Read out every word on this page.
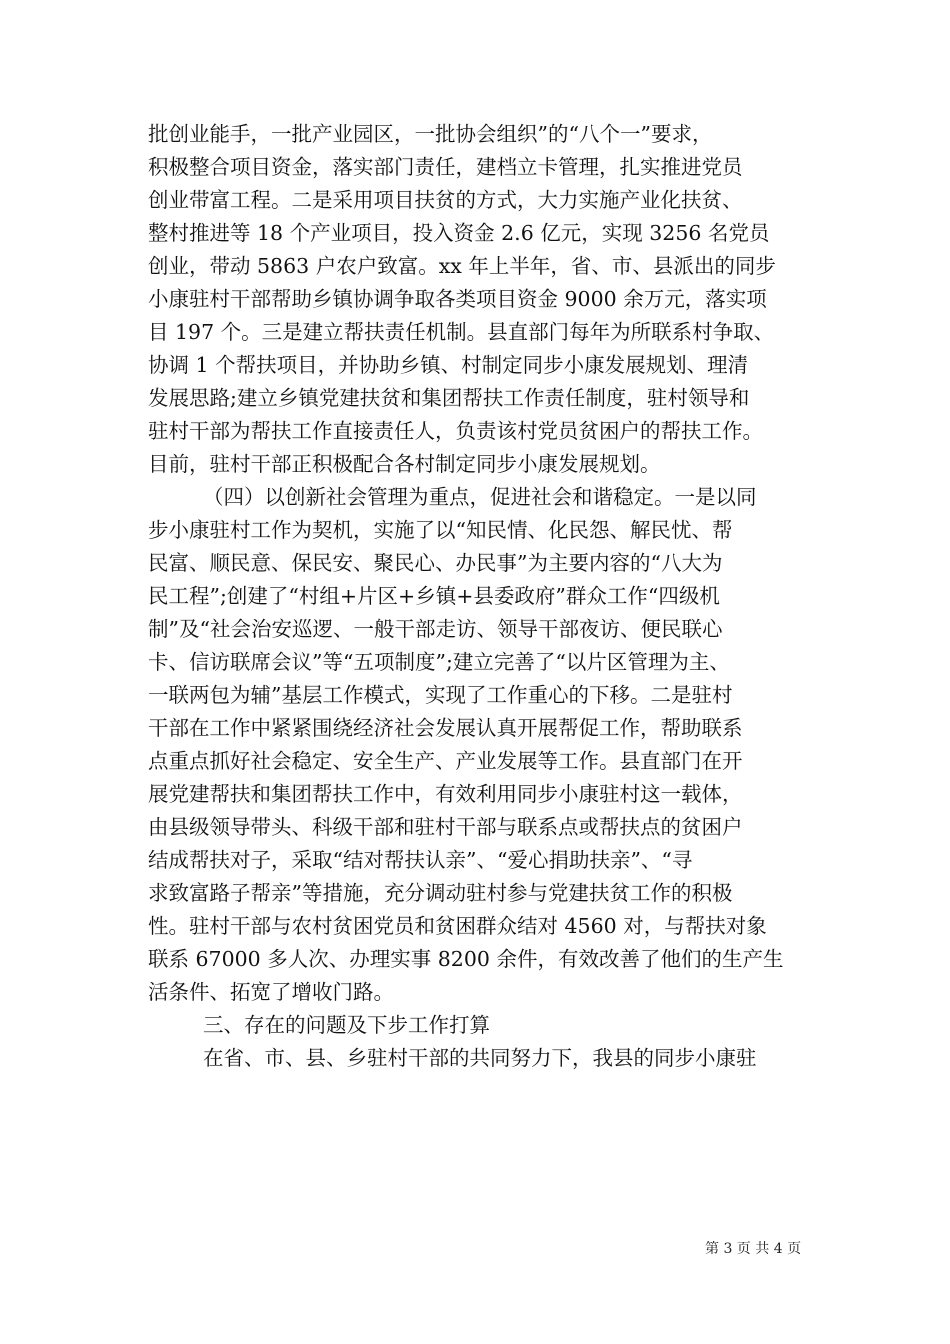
批创业能手，一批产业园区，一批协会组织”的“八个一”要求，
积极整合项目资金，落实部门责任，建档立卡管理，扎实推进党员
创业带富工程。二是采用项目扶贫的方式，大力实施产业化扶贫、
整村推进等 18 个产业项目，投入资金 2.6 亿元，实现 3256 名党员
创业，带动 5863 户农户致富。xx 年上半年，省、市、县派出的同步
小康驻村干部帮助乡镇协调争取各类项目资金 9000 余万元，落实项
目 197 个。三是建立帮扶责任机制。县直部门每年为所联系村争取、
协调 1 个帮扶项目，并协助乡镇、村制定同步小康发展规划、理清
发展思路;建立乡镇党建扶贫和集团帮扶工作责任制度，驻村领导和
驻村干部为帮扶工作直接责任人，负责该村党员贫困户的帮扶工作。
目前，驻村干部正积极配合各村制定同步小康发展规划。
（四）以创新社会管理为重点，促进社会和谐稳定。一是以同
步小康驻村工作为契机，实施了以“知民情、化民怨、解民忧、帮
民富、顺民意、保民安、聚民心、办民事”为主要内容的“八大为
民工程”;创建了“村组+片区+乡镇+县委政府”群众工作“四级机
制”及“社会治安巡逻、一般干部走访、领导干部夜访、便民联心
卡、信访联席会议”等“五项制度”;建立完善了“以片区管理为主、
一联两包为辅”基层工作模式，实现了工作重心的下移。二是驻村
干部在工作中紧紧围绕经济社会发展认真开展帮促工作，帮助联系
点重点抓好社会稳定、安全生产、产业发展等工作。县直部门在开
展党建帮扶和集团帮扶工作中，有效利用同步小康驻村这一载体，
由县级领导带头、科级干部和驻村干部与联系点或帮扶点的贫困户
结成帮扶对子，采取“结对帮扶认亲”、“爱心捐助扶亲”、“寻
求致富路子帮亲”等措施，充分调动驻村参与党建扶贫工作的积极
性。驻村干部与农村贫困党员和贫困群众结对 4560 对，与帮扶对象
联系 67000 多人次、办理实事 8200 余件，有效改善了他们的生产生
活条件、拓宽了增收门路。
三、存在的问题及下步工作打算
在省、市、县、乡驻村干部的共同努力下，我县的同步小康驻
第 3 页 共 4 页
